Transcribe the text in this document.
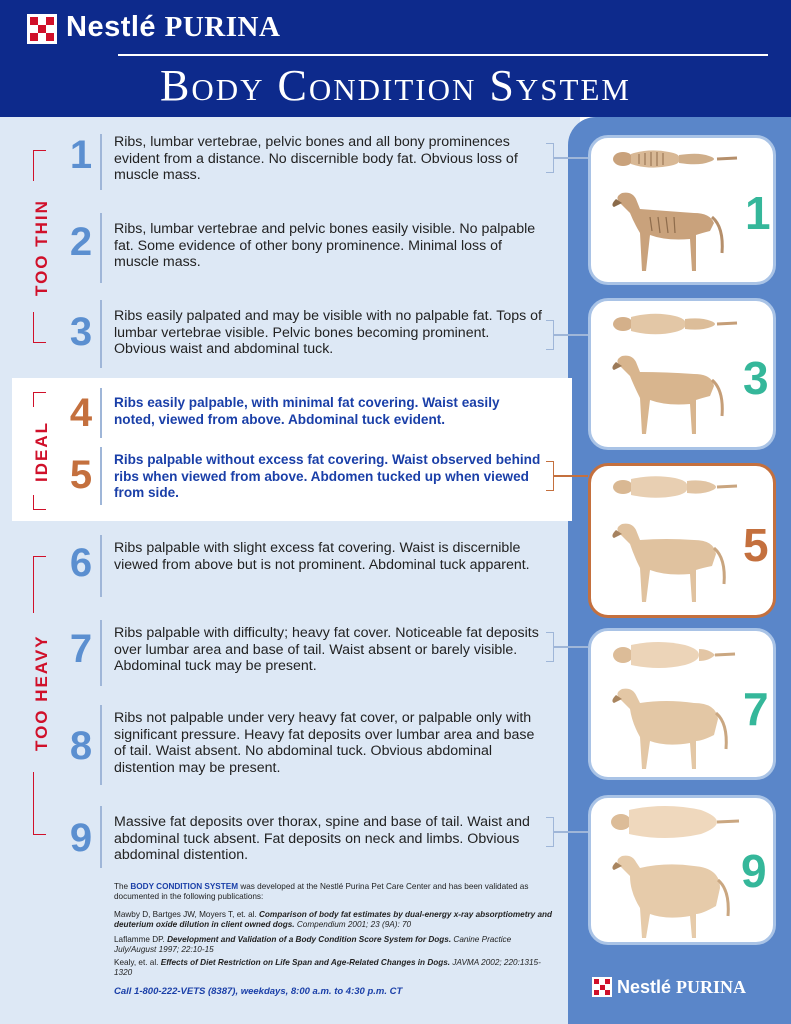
Nestlé PURINA
Body Condition System
TOO THIN
IDEAL
TOO HEAVY
1	Ribs, lumbar vertebrae, pelvic bones and all bony prominences evident from a distance. No discernible body fat. Obvious loss of muscle mass.
2	Ribs, lumbar vertebrae and pelvic bones easily visible. No palpable fat. Some evidence of other bony prominence. Minimal loss of muscle mass.
3	Ribs easily palpated and may be visible with no palpable fat. Tops of lumbar vertebrae visible. Pelvic bones becoming prominent. Obvious waist and abdominal tuck.
4	Ribs easily palpable, with minimal fat covering. Waist easily noted, viewed from above. Abdominal tuck evident.
5	Ribs palpable without excess fat covering. Waist observed behind ribs when viewed from above. Abdomen tucked up when viewed from side.
6	Ribs palpable with slight excess fat covering. Waist is discernible viewed from above but is not prominent. Abdominal tuck apparent.
7	Ribs palpable with difficulty; heavy fat cover. Noticeable fat deposits over lumbar area and base of tail. Waist absent or barely visible. Abdominal tuck may be present.
8
Ribs not palpable under very heavy fat cover, or palpable only with significant pressure. Heavy fat deposits over lumbar area and base of tail. Waist absent. No abdominal tuck. Obvious abdominal distention may be present.
9	Massive fat deposits over thorax, spine and base of tail. Waist and abdominal tuck absent. Fat deposits on neck and limbs. Obvious abdominal distention.
1
3
5
7
9
The BODY CONDITION SYSTEM was developed at the Nestlé Purina Pet Care Center and has been validated as documented in the following publications:
Mawby D, Bartges JW, Moyers T, et. al. Comparison of body fat estimates by dual-energy x-ray absorptiometry and deuterium oxide dilution in client owned dogs. Compendium 2001; 23 (9A): 70
Laflamme DP. Development and Validation of a Body Condition Score System for Dogs. Canine Practice July/August 1997; 22:10-15
Kealy, et. al. Effects of Diet Restriction on Life Span and Age-Related Changes in Dogs. JAVMA 2002; 220:1315-1320
Call 1-800-222-VETS (8387), weekdays, 8:00 a.m. to 4:30 p.m. CT	Nestlé PURINA
